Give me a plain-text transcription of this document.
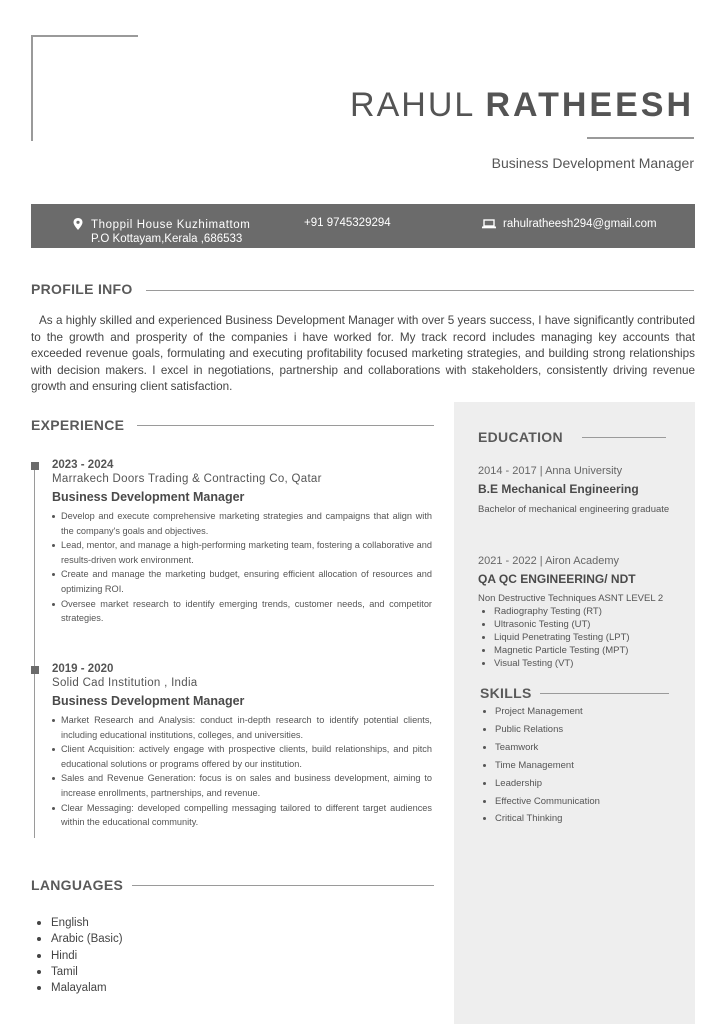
RAHUL RATHEESH
Business Development Manager
Thoppil House Kuzhimattom
P.O Kottayam,Kerala ,686533
+91 9745329294	rahulratheesh294@gmail.com
PROFILE INFO
As a highly skilled and experienced Business Development Manager with over 5 years success, I have significantly contributed to the growth and prosperity of the companies i have worked for. My track record includes managing key accounts that exceeded revenue goals, formulating and executing profitability focused marketing strategies, and building strong relationships with decision makers. I excel in negotiations, partnership and collaborations with stakeholders, consistently driving revenue growth and ensuring client satisfaction.
EXPERIENCE
2023 - 2024
Marrakech Doors Trading & Contracting Co, Qatar
Business Development Manager
Develop and execute comprehensive marketing strategies and campaigns that align with the company's goals and objectives.
Lead, mentor, and manage a high-performing marketing team, fostering a collaborative and results-driven work environment.
Create and manage the marketing budget, ensuring efficient allocation of resources and optimizing ROI.
Oversee market research to identify emerging trends, customer needs, and competitor strategies.
2019 - 2020
Solid Cad Institution , India
Business Development Manager
Market Research and Analysis: conduct in-depth research to identify potential clients, including educational institutions, colleges, and universities.
Client Acquisition: actively engage with prospective clients, build relationships, and pitch educational solutions or programs offered by our institution.
Sales and Revenue Generation: focus is on sales and business development, aiming to increase enrollments, partnerships, and revenue.
Clear Messaging: developed compelling messaging tailored to different target audiences within the educational community.
LANGUAGES
English
Arabic (Basic)
Hindi
Tamil
Malayalam
EDUCATION
2014 - 2017 | Anna University
B.E Mechanical Engineering
Bachelor of mechanical engineering graduate
2021 - 2022 | Airon Academy
QA QC ENGINEERING/ NDT
Non Destructive Techniques ASNT LEVEL 2
Radiography Testing (RT)
Ultrasonic Testing (UT)
Liquid Penetrating Testing (LPT)
Magnetic Particle Testing (MPT)
Visual Testing (VT)
SKILLS
Project Management
Public Relations
Teamwork
Time Management
Leadership
Effective Communication
Critical Thinking
